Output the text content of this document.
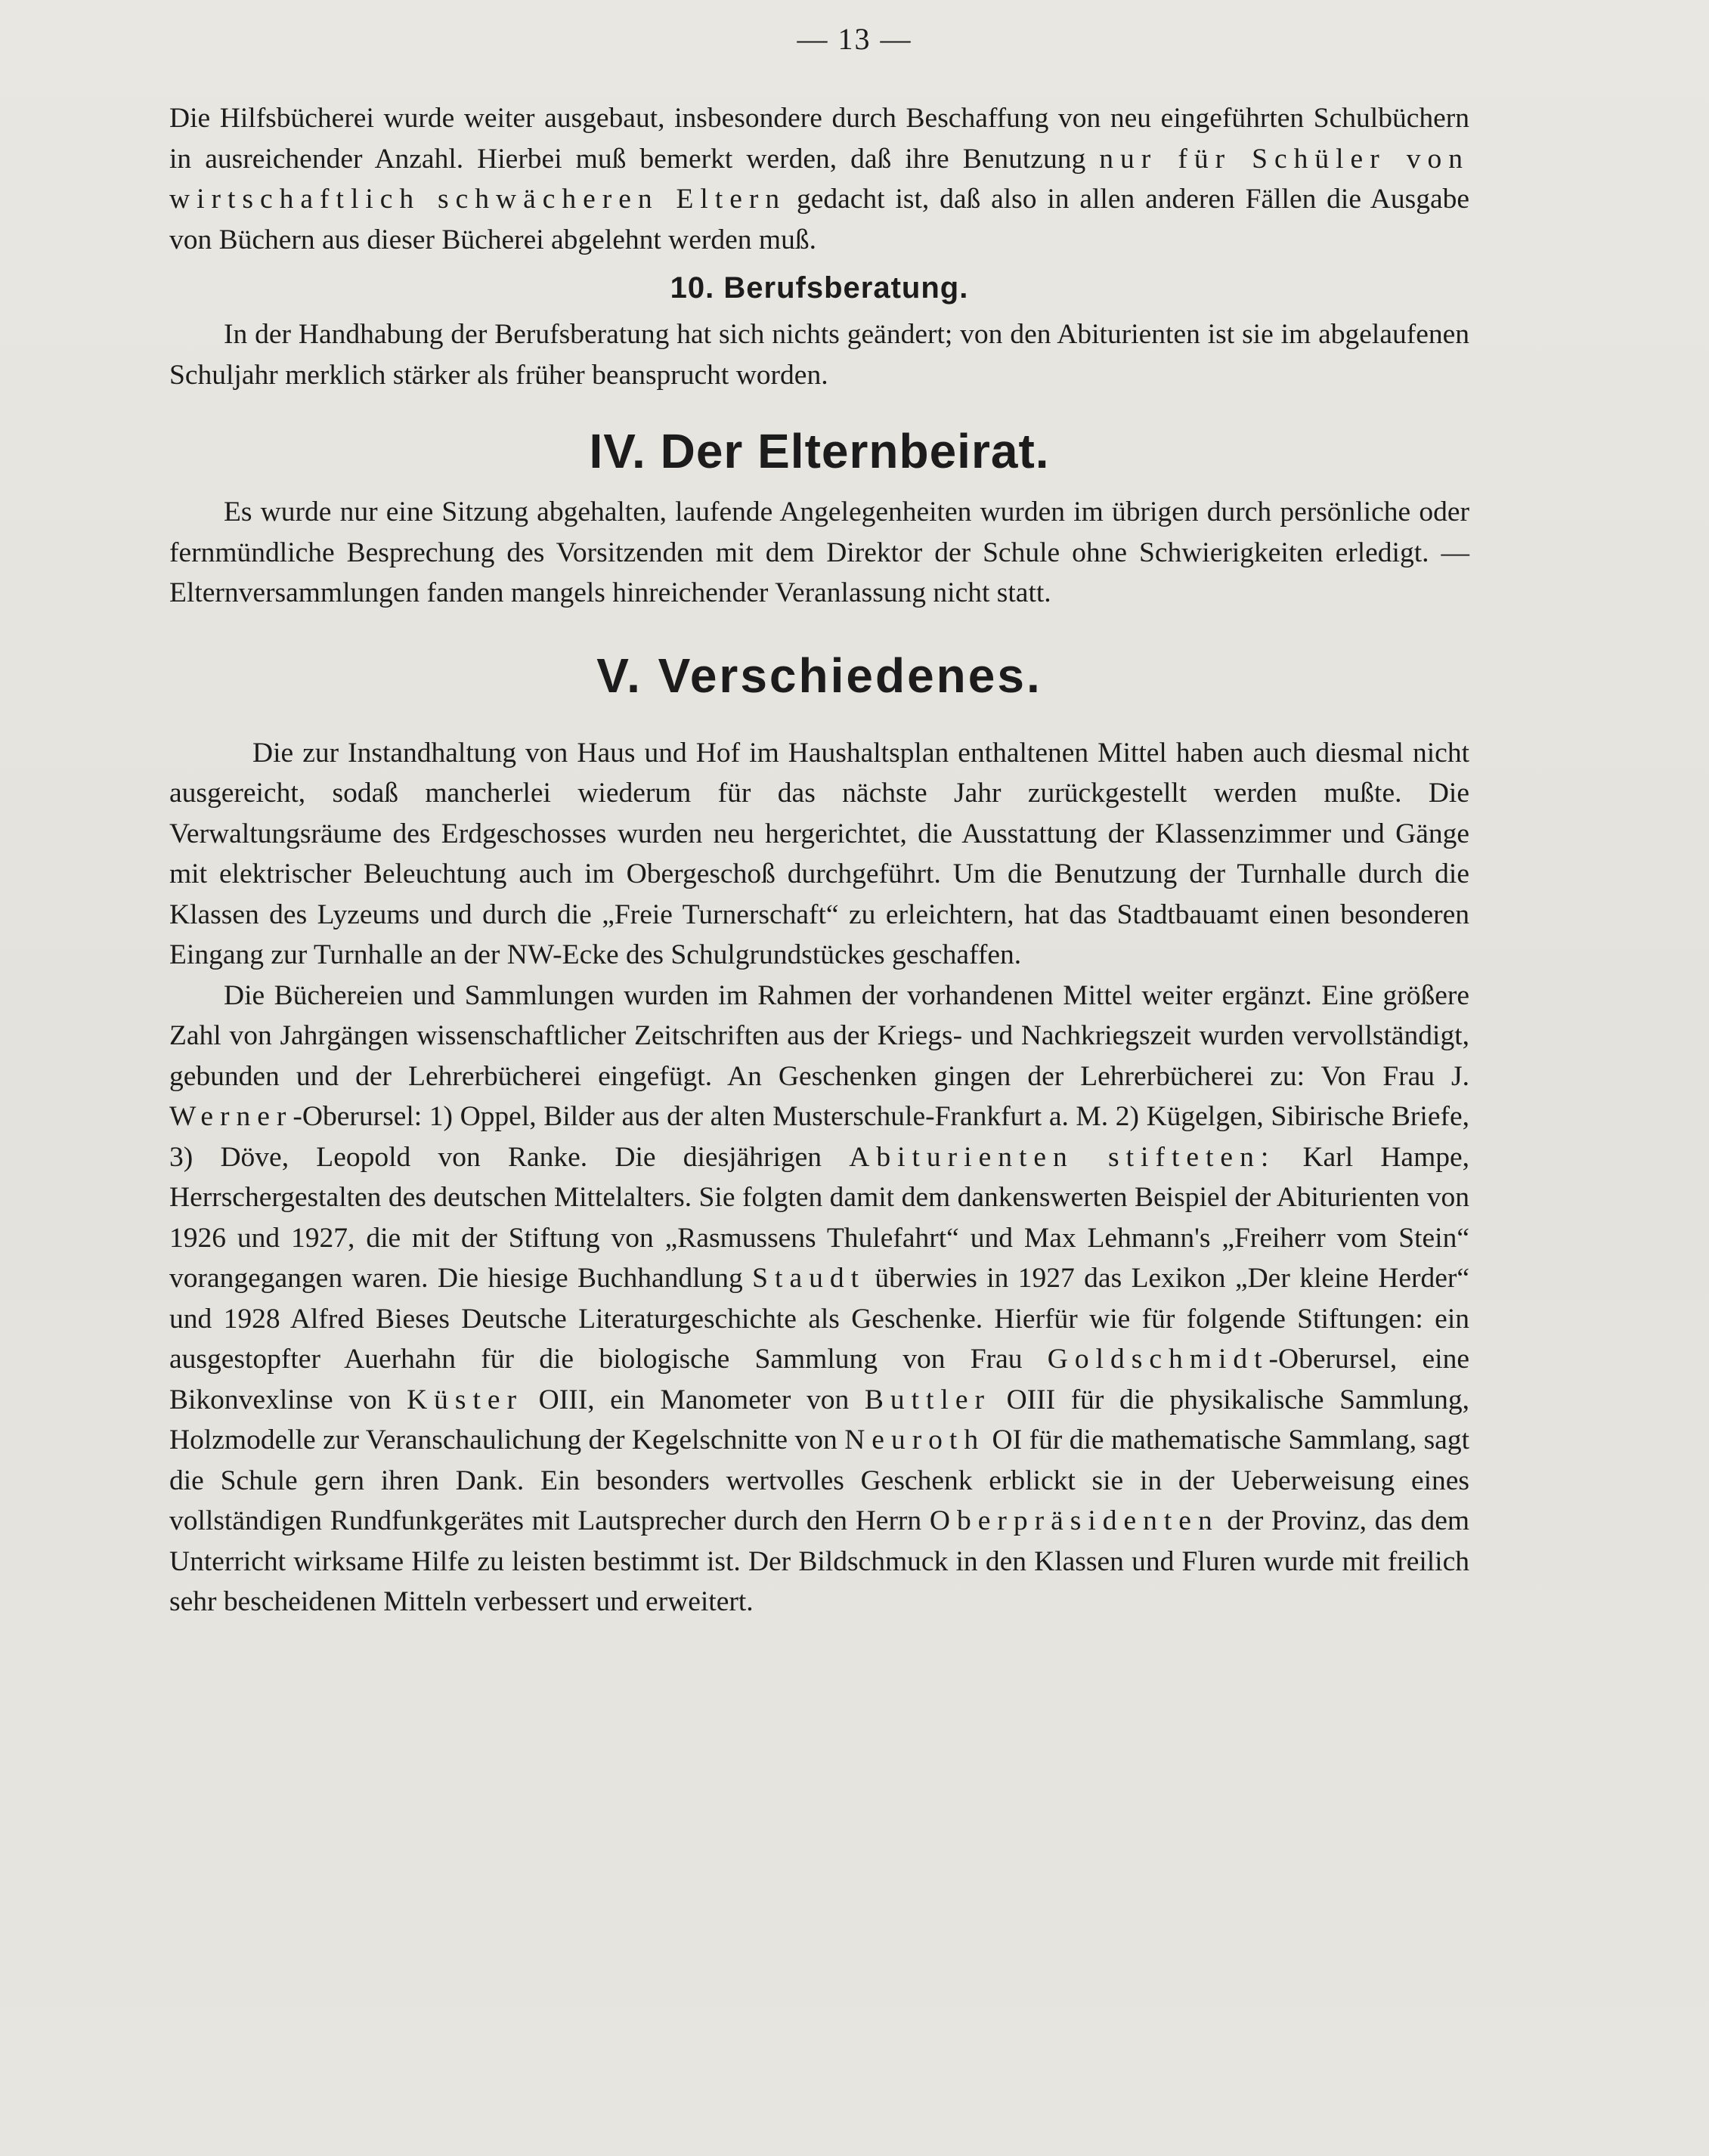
— 13 —

Die Hilfsbücherei wurde weiter ausgebaut, insbesondere durch Beschaffung von neu eingeführten Schulbüchern in ausreichender Anzahl. Hierbei muß bemerkt werden, daß ihre Benutzung nur für Schüler von wirtschaftlich schwächeren Eltern gedacht ist, daß also in allen anderen Fällen die Ausgabe von Büchern aus dieser Bücherei abgelehnt werden muß.

10. Berufsberatung.

In der Handhabung der Berufsberatung hat sich nichts geändert; von den Abiturienten ist sie im abgelaufenen Schuljahr merklich stärker als früher beansprucht worden.

IV. Der Elternbeirat.

Es wurde nur eine Sitzung abgehalten, laufende Angelegenheiten wurden im übrigen durch persönliche oder fernmündliche Besprechung des Vorsitzenden mit dem Direktor der Schule ohne Schwierigkeiten erledigt. — Elternversammlungen fanden mangels hinreichender Veranlassung nicht statt.

V. Verschiedenes.

Die zur Instandhaltung von Haus und Hof im Haushaltsplan enthaltenen Mittel haben auch diesmal nicht ausgereicht, sodaß mancherlei wiederum für das nächste Jahr zurückgestellt werden mußte. Die Verwaltungsräume des Erdgeschosses wurden neu hergerichtet, die Ausstattung der Klassenzimmer und Gänge mit elektrischer Beleuchtung auch im Obergeschoß durchgeführt. Um die Benutzung der Turnhalle durch die Klassen des Lyzeums und durch die „Freie Turnerschaft“ zu erleichtern, hat das Stadtbauamt einen besonderen Eingang zur Turnhalle an der NW-Ecke des Schulgrundstückes geschaffen.

Die Büchereien und Sammlungen wurden im Rahmen der vorhandenen Mittel weiter ergänzt. Eine größere Zahl von Jahrgängen wissenschaftlicher Zeitschriften aus der Kriegs- und Nachkriegszeit wurden vervollständigt, gebunden und der Lehrerbücherei eingefügt. An Geschenken gingen der Lehrerbücherei zu: Von Frau J. Werner-Oberursel: 1) Oppel, Bilder aus der alten Musterschule-Frankfurt a. M. 2) Kügelgen, Sibirische Briefe, 3) Döve, Leopold von Ranke. Die diesjährigen Abiturienten stifteten: Karl Hampe, Herrschergestalten des deutschen Mittelalters. Sie folgten damit dem dankenswerten Beispiel der Abiturienten von 1926 und 1927, die mit der Stiftung von „Rasmussens Thulefahrt“ und Max Lehmann's „Freiherr vom Stein“ vorangegangen waren. Die hiesige Buchhandlung Staudt überwies in 1927 das Lexikon „Der kleine Herder“ und 1928 Alfred Bieses Deutsche Literaturgeschichte als Geschenke. Hierfür wie für folgende Stiftungen: ein ausgestopfter Auerhahn für die biologische Sammlung von Frau Goldschmidt-Oberursel, eine Bikonvexlinse von Küster OIII, ein Manometer von Buttler OIII für die physikalische Sammlung, Holzmodelle zur Veranschaulichung der Kegelschnitte von Neuroth OI für die mathematische Sammlang, sagt die Schule gern ihren Dank. Ein besonders wertvolles Geschenk erblickt sie in der Ueberweisung eines vollständigen Rundfunkgerätes mit Lautsprecher durch den Herrn Oberpräsidenten der Provinz, das dem Unterricht wirksame Hilfe zu leisten bestimmt ist. Der Bildschmuck in den Klassen und Fluren wurde mit freilich sehr bescheidenen Mitteln verbessert und erweitert.
